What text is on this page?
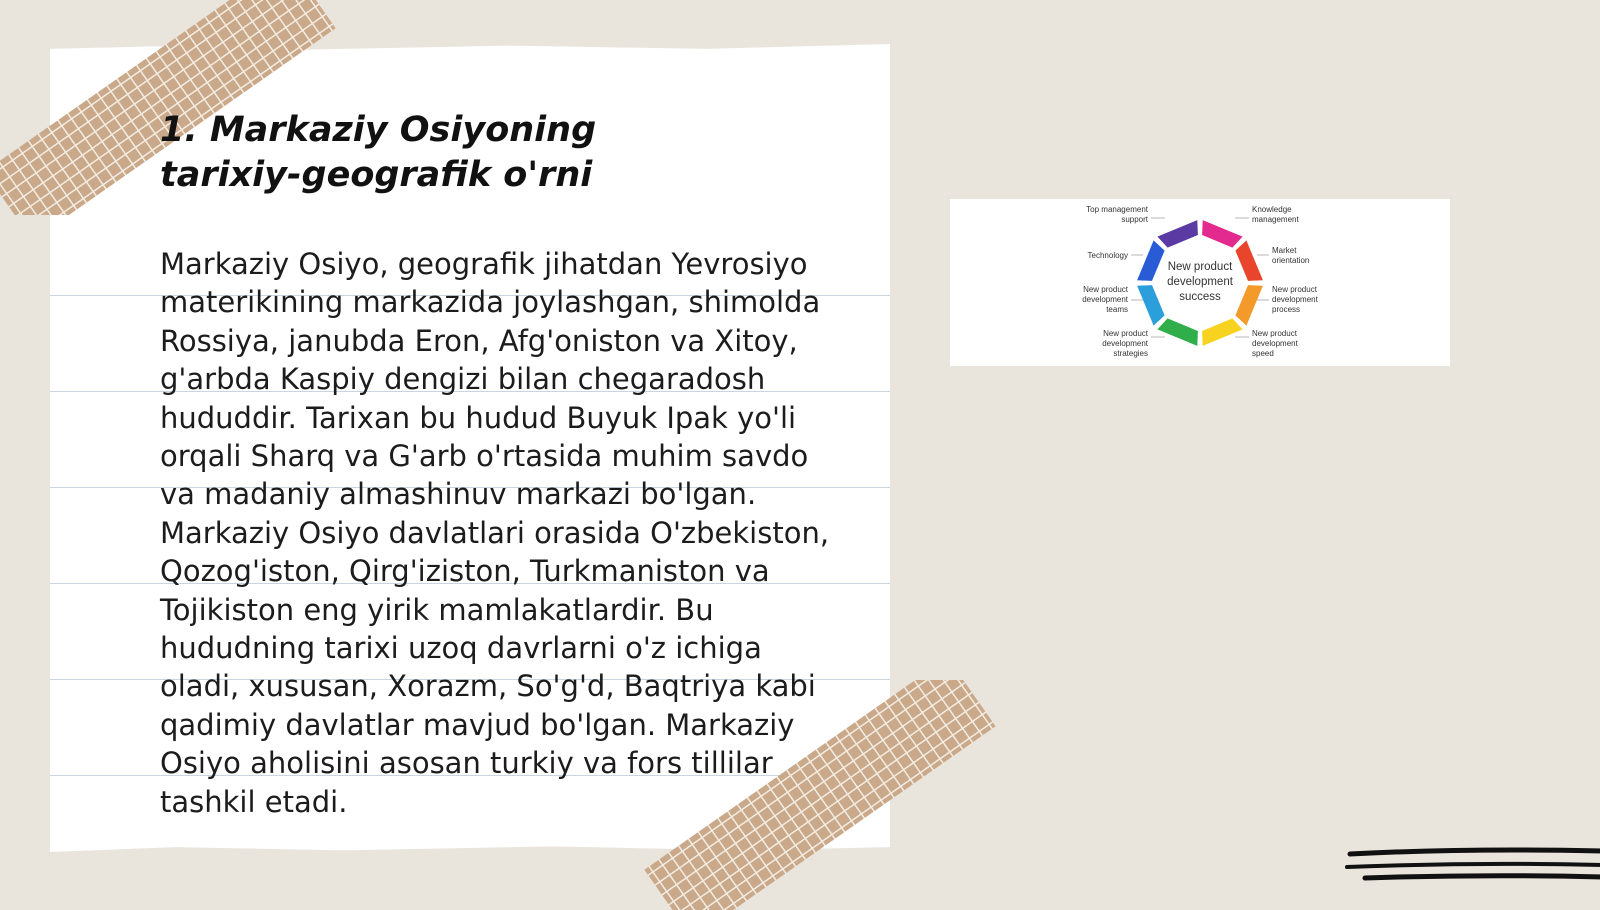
1. Markaziy Osiyoning tarixiy-geografik o'rni

Markaziy Osiyo, geografik jihatdan Yevrosiyo materikining markazida joylashgan, shimolda Rossiya, janubda Eron, Afg'oniston va Xitoy, g'arbda Kaspiy dengizi bilan chegaradosh hududdir. Tarixan bu hudud Buyuk Ipak yo'li orqali Sharq va G'arb o'rtasida muhim savdo va madaniy almashinuv markazi bo'lgan. Markaziy Osiyo davlatlari orasida O'zbekiston, Qozog'iston, Qirg'iziston, Turkmaniston va Tojikiston eng yirik mamlakatlardir. Bu hududning tarixi uzoq davrlarni o'z ichiga oladi, xususan, Xorazm, So'g'd, Baqtriya kabi qadimiy davlatlar mavjud bo'lgan. Markaziy Osiyo aholisini asosan turkiy va fors tillilar tashkil etadi.

New product
development
success
Top management
support
Knowledge
management
Technology
Market
orientation
New product
development
teams
New product
development
process
New product
development
strategies
New product
development
speed
